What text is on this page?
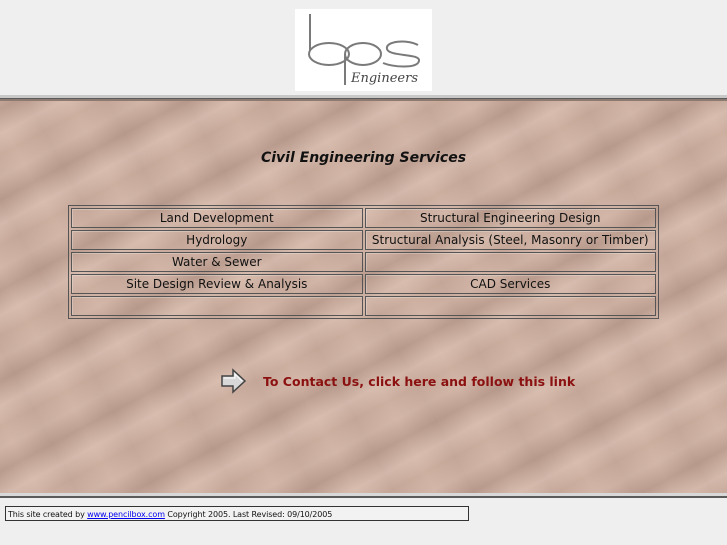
Engineers
Civil Engineering Services
Land Development	Structural Engineering Design
Hydrology	Structural Analysis (Steel, Masonry or Timber)
Water & Sewer	
Site Design Review & Analysis	CAD Services

To Contact Us, click here and follow this link
This site created by www.pencilbox.com Copyright 2005. Last Revised: 09/10/2005
